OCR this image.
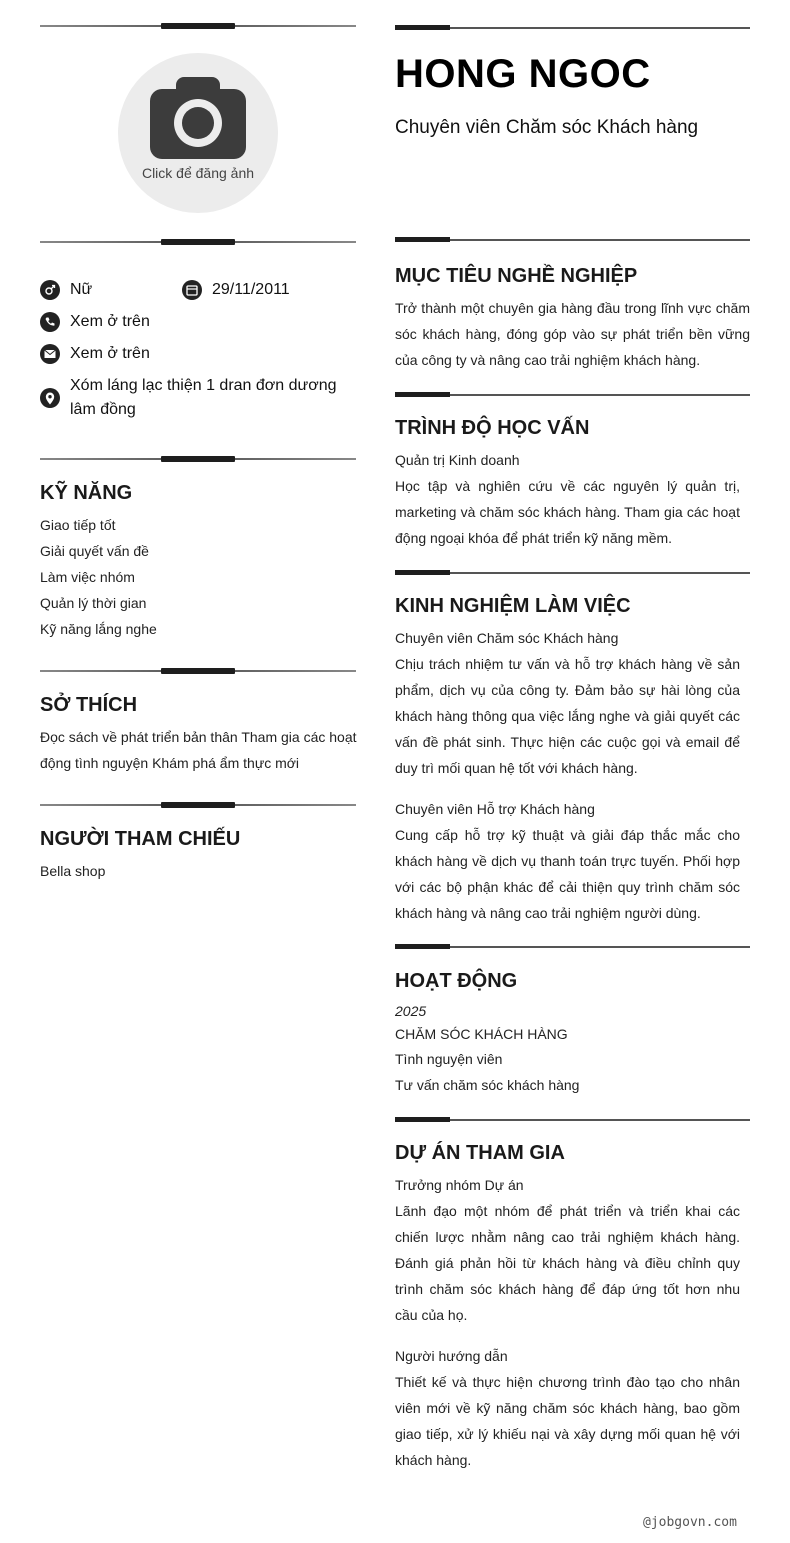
Click để đăng ảnh
Nữ	29/11/2011
Xem ở trên
Xem ở trên
Xóm láng lạc thiện 1 dran đơn dương
lâm đồng
KỸ NĂNG
Giao tiếp tốt
Giải quyết vấn đề
Làm việc nhóm
Quản lý thời gian
Kỹ năng lắng nghe
SỞ THÍCH
Đọc sách về phát triển bản thân Tham gia các hoạt
động tình nguyện Khám phá ẩm thực mới
NGƯỜI THAM CHIẾU
Bella shop
HONG NGOC
Chuyên viên Chăm sóc Khách hàng
MỤC TIÊU NGHỀ NGHIỆP
Trở thành một chuyên gia hàng đầu trong lĩnh vực chăm sóc khách hàng, đóng góp vào sự phát triển bền vững của công ty và nâng cao trải nghiệm khách hàng.
TRÌNH ĐỘ HỌC VẤN
Quản trị Kinh doanh
Học tập và nghiên cứu về các nguyên lý quản trị, marketing và chăm sóc khách hàng. Tham gia các hoạt động ngoại khóa để phát triển kỹ năng mềm.
KINH NGHIỆM LÀM VIỆC
Chuyên viên Chăm sóc Khách hàng
Chịu trách nhiệm tư vấn và hỗ trợ khách hàng về sản phẩm, dịch vụ của công ty. Đảm bảo sự hài lòng của khách hàng thông qua việc lắng nghe và giải quyết các vấn đề phát sinh. Thực hiện các cuộc gọi và email để duy trì mối quan hệ tốt với khách hàng.
Chuyên viên Hỗ trợ Khách hàng
Cung cấp hỗ trợ kỹ thuật và giải đáp thắc mắc cho khách hàng về dịch vụ thanh toán trực tuyến. Phối hợp với các bộ phận khác để cải thiện quy trình chăm sóc khách hàng và nâng cao trải nghiệm người dùng.
HOẠT ĐỘNG
2025
CHĂM SÓC KHÁCH HÀNG
Tình nguyện viên
Tư vấn chăm sóc khách hàng
DỰ ÁN THAM GIA
Trưởng nhóm Dự án
Lãnh đạo một nhóm để phát triển và triển khai các chiến lược nhằm nâng cao trải nghiệm khách hàng. Đánh giá phản hồi từ khách hàng và điều chỉnh quy trình chăm sóc khách hàng để đáp ứng tốt hơn nhu cầu của họ.
Người hướng dẫn
Thiết kế và thực hiện chương trình đào tạo cho nhân viên mới về kỹ năng chăm sóc khách hàng, bao gồm giao tiếp, xử lý khiếu nại và xây dựng mối quan hệ với khách hàng.
@jobgovn.com
